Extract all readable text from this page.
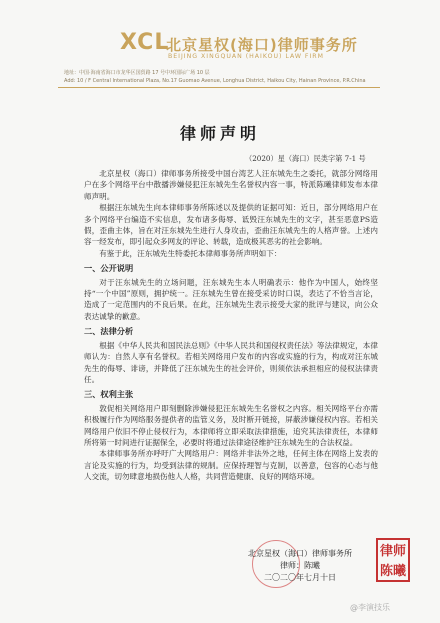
XCL
北京星权(海口)律师事务所
BEIJING XINGQUAN (HAIKOU) LAW FIRM
地址：中国·海南省海口市龙华区国贸路 17 号中环国际广场 10 层
Add: 10 / F Central International Plaza, No.17 Guomao Avenue, Longhua District, Haikou City, Hainan Province, P.R.China
律师声明
（2020）星（海口）民类字第 7-1 号

北京星权（海口）律师事务所接受中国台湾艺人汪东城先生之委托，就部分网络用户在多个网络平台中散播涉嫌侵犯汪东城先生名誉权内容一事，特派陈曦律师发布本律师声明。

根据汪东城先生向本律师事务所陈述以及提供的证据可知：近日，部分网络用户在多个网络平台编造不实信息，发布诸多侮辱、诋毁汪东城先生的文字，甚至恶意PS造假，歪曲主体，旨在对汪东城先生进行人身攻击，歪曲汪东城先生的人格声誉。上述内容一经发布，即引起众多网友的评论、转载，造成极其恶劣的社会影响。

有鉴于此，汪东城先生特委托本律师事务所声明如下：

一、公开说明

对于汪东城先生的立场问题，汪东城先生本人明确表示：他作为中国人，始终坚持“一个中国”原则，拥护统一。汪东城先生曾在接受采访时口误，表达了不恰当言论，造成了一定范围内的不良后果。在此，汪东城先生表示接受大家的批评与建议，向公众表达诚挚的歉意。

二、法律分析

根据《中华人民共和国民法总则》《中华人民共和国侵权责任法》等法律规定，本律师认为：自然人享有名誉权。若相关网络用户发布的内容或实施的行为，构成对汪东城先生的侮辱、诽谤，并降低了汪东城先生的社会评价，则须依法承担相应的侵权法律责任。

三、权利主张

敦促相关网络用户即刻删除涉嫌侵犯汪东城先生名誉权之内容。相关网络平台亦需积极履行作为网络服务提供者的监管义务，及时断开链接，屏蔽涉嫌侵权内容。若相关网络用户依旧不停止侵权行为，本律师将立即采取法律措施，追究其法律责任，本律师所将第一时间进行证据保全，必要时将通过法律途径维护汪东城先生的合法权益。

本律师事务所亦呼吁广大网络用户：网络并非法外之地，任何主体在网络上发表的言论及实施的行为，均受到法律的规制。应保持理智与克制，以善意，包容的心态与他人交流，切勿肆意地损伤他人人格，共同营造健康、良好的网络环境。

北京星权（海口）律师事务所
律师：陈曦
二〇二〇年七月十日
律师
陈曦
@李演技乐
